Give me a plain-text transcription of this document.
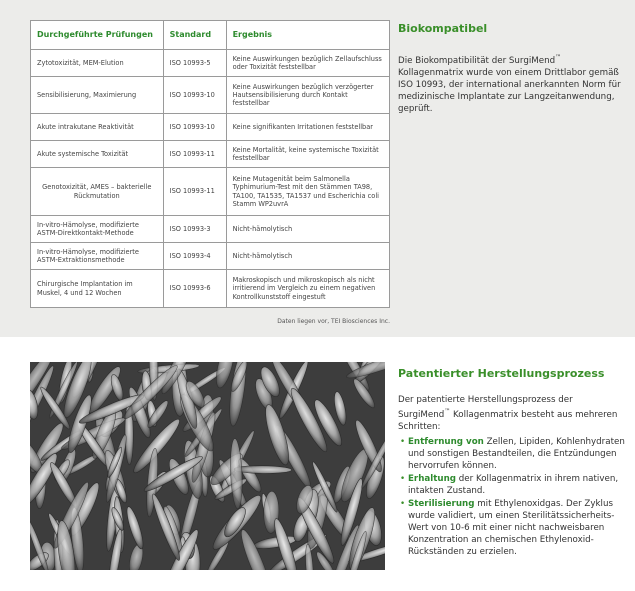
Durchgeführte Prüfungen	Standard	Ergebnis
Zytotoxizität, MEM-Elution	ISO 10993-5	Keine Auswirkungen bezüglich Zellaufschluss oder Toxizität feststellbar
Sensibilisierung, Maximierung	ISO 10993-10	Keine Auswirkungen bezüglich verzögerter Hautsensibilisierung durch Kontakt feststellbar
Akute intrakutane Reaktivität	ISO 10993-10	Keine signifikanten Irritationen feststellbar
Akute systemische Toxizität	ISO 10993-11	Keine Mortalität, keine systemische Toxizität feststellbar
Genotoxizität, AMES – bakterielle Rückmutation	ISO 10993-11	Keine Mutagenität beim Salmonella Typhimurium-Test mit den Stämmen TA98, TA100, TA1535, TA1537 und Escherichia coli Stamm WP2uvrA
In-vitro-Hämolyse, modifizierte ASTM-Direktkontakt-Methode	ISO 10993-3	Nicht-hämolytisch
In-vitro-Hämolyse, modifizierte ASTM-Extraktionsmethode	ISO 10993-4	Nicht-hämolytisch
Chirurgische Implantation im Muskel, 4 und 12 Wochen	ISO 10993-6	Makroskopisch und mikroskopisch als nicht irritierend im Vergleich zu einem negativen Kontrollkunststoff eingestuft
Daten liegen vor, TEI Biosciences Inc.
Biokompatibel
Die Biokompatibilität der SurgiMend™ Kollagenmatrix wurde von einem Drittlabor gemäß ISO 10993, der international anerkannten Norm für medizinische Implantate zur Langzeitanwendung, geprüft.
Patentierter Herstellungsprozess
Der patentierte Herstellungsprozess der SurgiMend™ Kollagenmatrix besteht aus mehreren Schritten:
• Entfernung von Zellen, Lipiden, Kohlenhydraten und sonstigen Bestandteilen, die Entzündungen hervorrufen können.
• Erhaltung der Kollagenmatrix in ihrem nativen, intakten Zustand.
• Sterilisierung mit Ethylenoxidgas. Der Zyklus wurde validiert, um einen Sterilitätssicherheits-Wert von 10-6 mit einer nicht nachweisbaren Konzentration an chemischen Ethylenoxid-Rückständen zu erzielen.
